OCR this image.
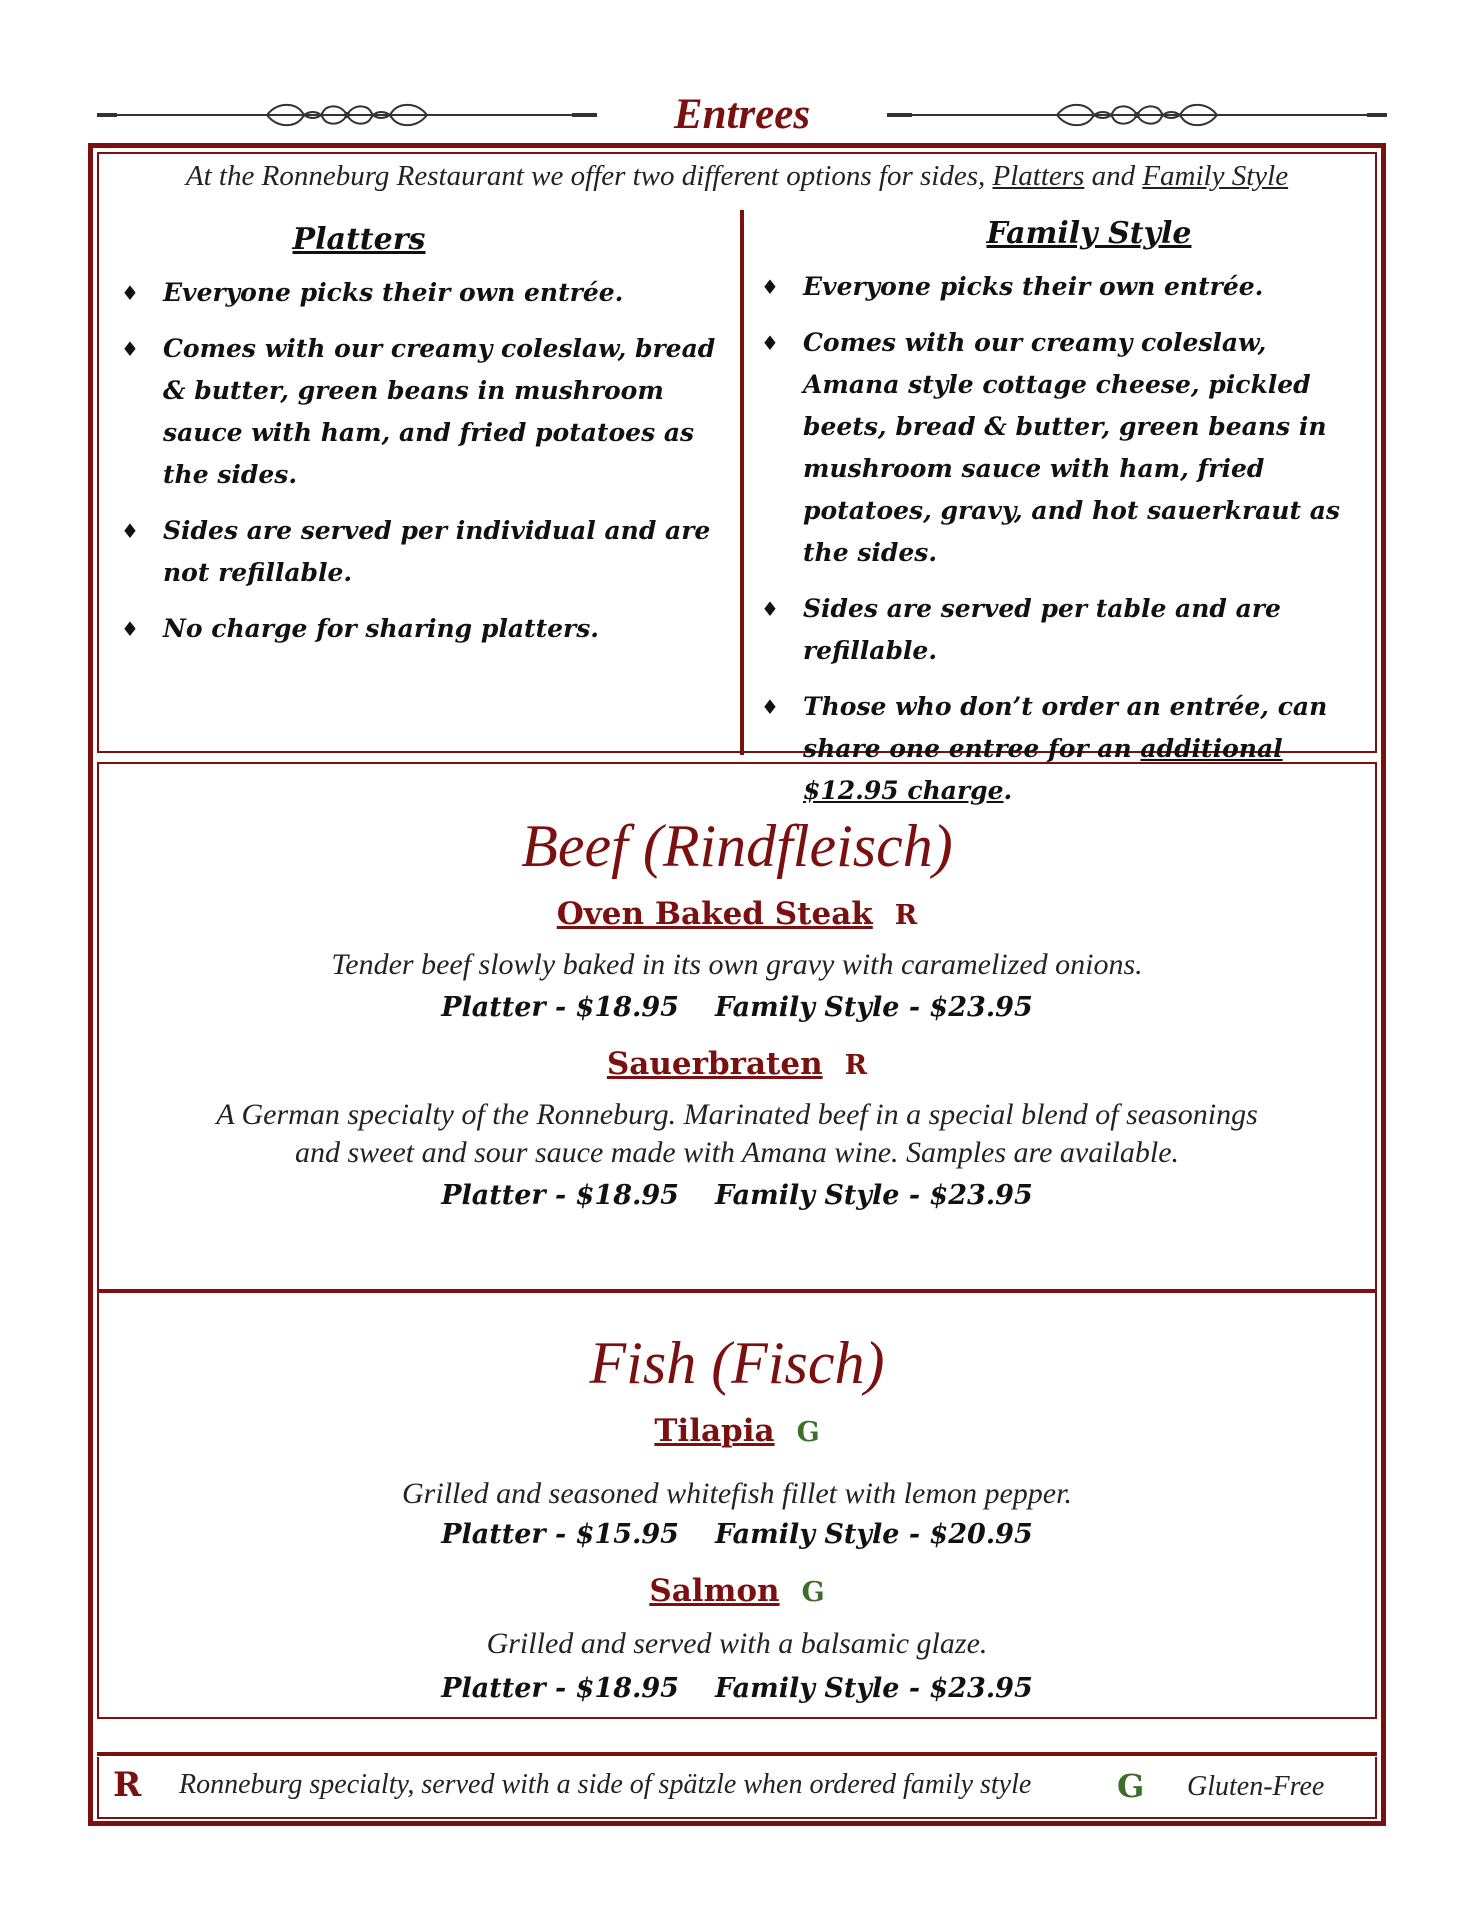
Entrees
At the Ronneburg Restaurant we offer two different options for sides, Platters and Family Style
Platters
♦ Everyone picks their own entrée.
♦ Comes with our creamy coleslaw, bread & butter, green beans in mushroom sauce with ham, and fried potatoes as the sides.
♦ Sides are served per individual and are not refillable.
♦ No charge for sharing platters.
Family Style
♦ Everyone picks their own entrée.
♦ Comes with our creamy coleslaw, Amana style cottage cheese, pickled beets, bread & butter, green beans in mushroom sauce with ham, fried potatoes, gravy, and hot sauerkraut as the sides.
♦ Sides are served per table and are refillable.
♦ Those who don’t order an entrée, can share one entree for an additional $12.95 charge.
Beef (Rindfleisch)
Oven Baked Steak R
Tender beef slowly baked in its own gravy with caramelized onions.
Platter - $18.95 Family Style - $23.95
Sauerbraten R
A German specialty of the Ronneburg. Marinated beef in a special blend of seasonings
and sweet and sour sauce made with Amana wine. Samples are available.
Platter - $18.95 Family Style - $23.95
Fish (Fisch)
Tilapia G
Grilled and seasoned whitefish fillet with lemon pepper.
Platter - $15.95 Family Style - $20.95
Salmon G
Grilled and served with a balsamic glaze.
Platter - $18.95 Family Style - $23.95
R Ronneburg specialty, served with a side of spätzle when ordered family style	G Gluten-Free
